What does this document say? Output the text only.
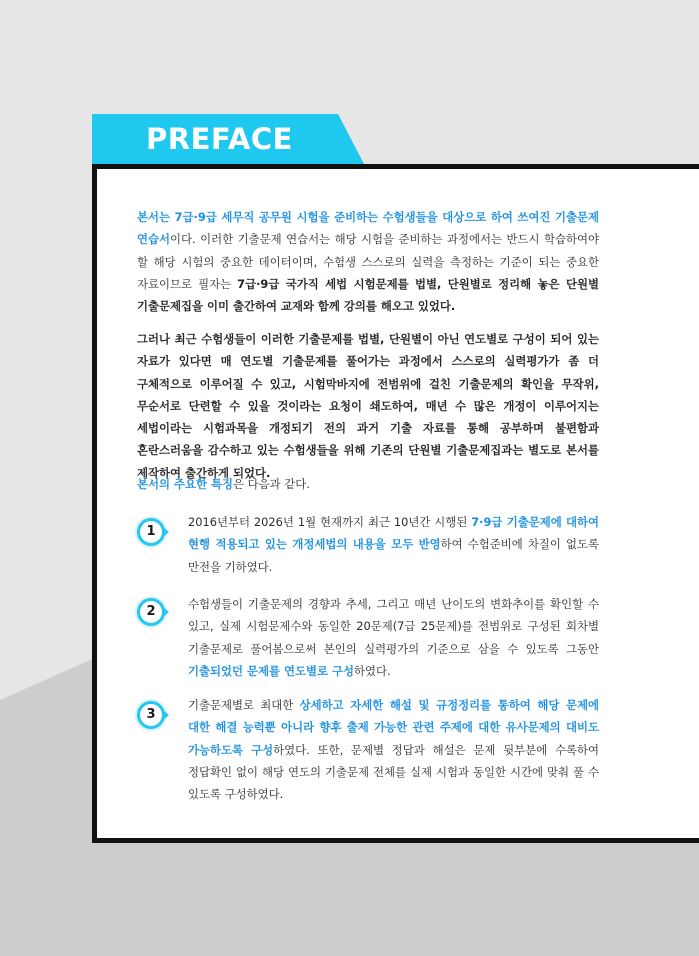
PREFACE

본서는 7급·9급 세무직 공무원 시험을 준비하는 수험생들을 대상으로 하여 쓰여진 기출문제 연습서이다. 이러한 기출문제 연습서는 해당 시험을 준비하는 과정에서는 반드시 학습하여야 할 해당 시험의 중요한 데이터이며, 수험생 스스로의 실력을 측정하는 기준이 되는 중요한 자료이므로 필자는 7급·9급 국가직 세법 시험문제를 법별, 단원별로 정리해 놓은 단원별 기출문제집을 이미 출간하여 교재와 함께 강의를 해오고 있었다.

그러나 최근 수험생들이 이러한 기출문제를 법별, 단원별이 아닌 연도별로 구성이 되어 있는 자료가 있다면 매 연도별 기출문제를 풀어가는 과정에서 스스로의 실력평가가 좀 더 구체적으로 이루어질 수 있고, 시험막바지에 전범위에 걸친 기출문제의 확인을 무작위, 무순서로 단련할 수 있을 것이라는 요청이 쇄도하여, 매년 수 많은 개정이 이루어지는 세법이라는 시험과목을 개정되기 전의 과거 기출 자료를 통해 공부하며 불편함과 혼란스러움을 감수하고 있는 수험생들을 위해 기존의 단원별 기출문제집과는 별도로 본서를 제작하여 출간하게 되었다.

본서의 주요한 특징은 다음과 같다.

1

2016년부터 2026년 1월 현재까지 최근 10년간 시행된 7·9급 기출문제에 대하여 현행 적용되고 있는 개정세법의 내용을 모두 반영하여 수험준비에 차질이 없도록 만전을 기하였다.

2	수험생들이 기출문제의 경향과 추세, 그리고 매년 난이도의 변화추이를 확인할 수 있고, 실제 시험문제수와 동일한 20문제(7급 25문제)를 전범위로 구성된 회차별 기출문제로 풀어봄으로써 본인의 실력평가의 기준으로 삼을 수 있도록 그동안 기출되었던 문제를 연도별로 구성하였다.

3

기출문제별로 최대한 상세하고 자세한 해설 및 규정정리를 통하여 해당 문제에 대한 해결 능력뿐 아니라 향후 출제 가능한 관련 주제에 대한 유사문제의 대비도 가능하도록 구성하였다. 또한, 문제별 정답과 해설은 문제 뒷부분에 수록하여 정답확인 없이 해당 연도의 기출문제 전체를 실제 시험과 동일한 시간에 맞춰 풀 수 있도록 구성하였다.
